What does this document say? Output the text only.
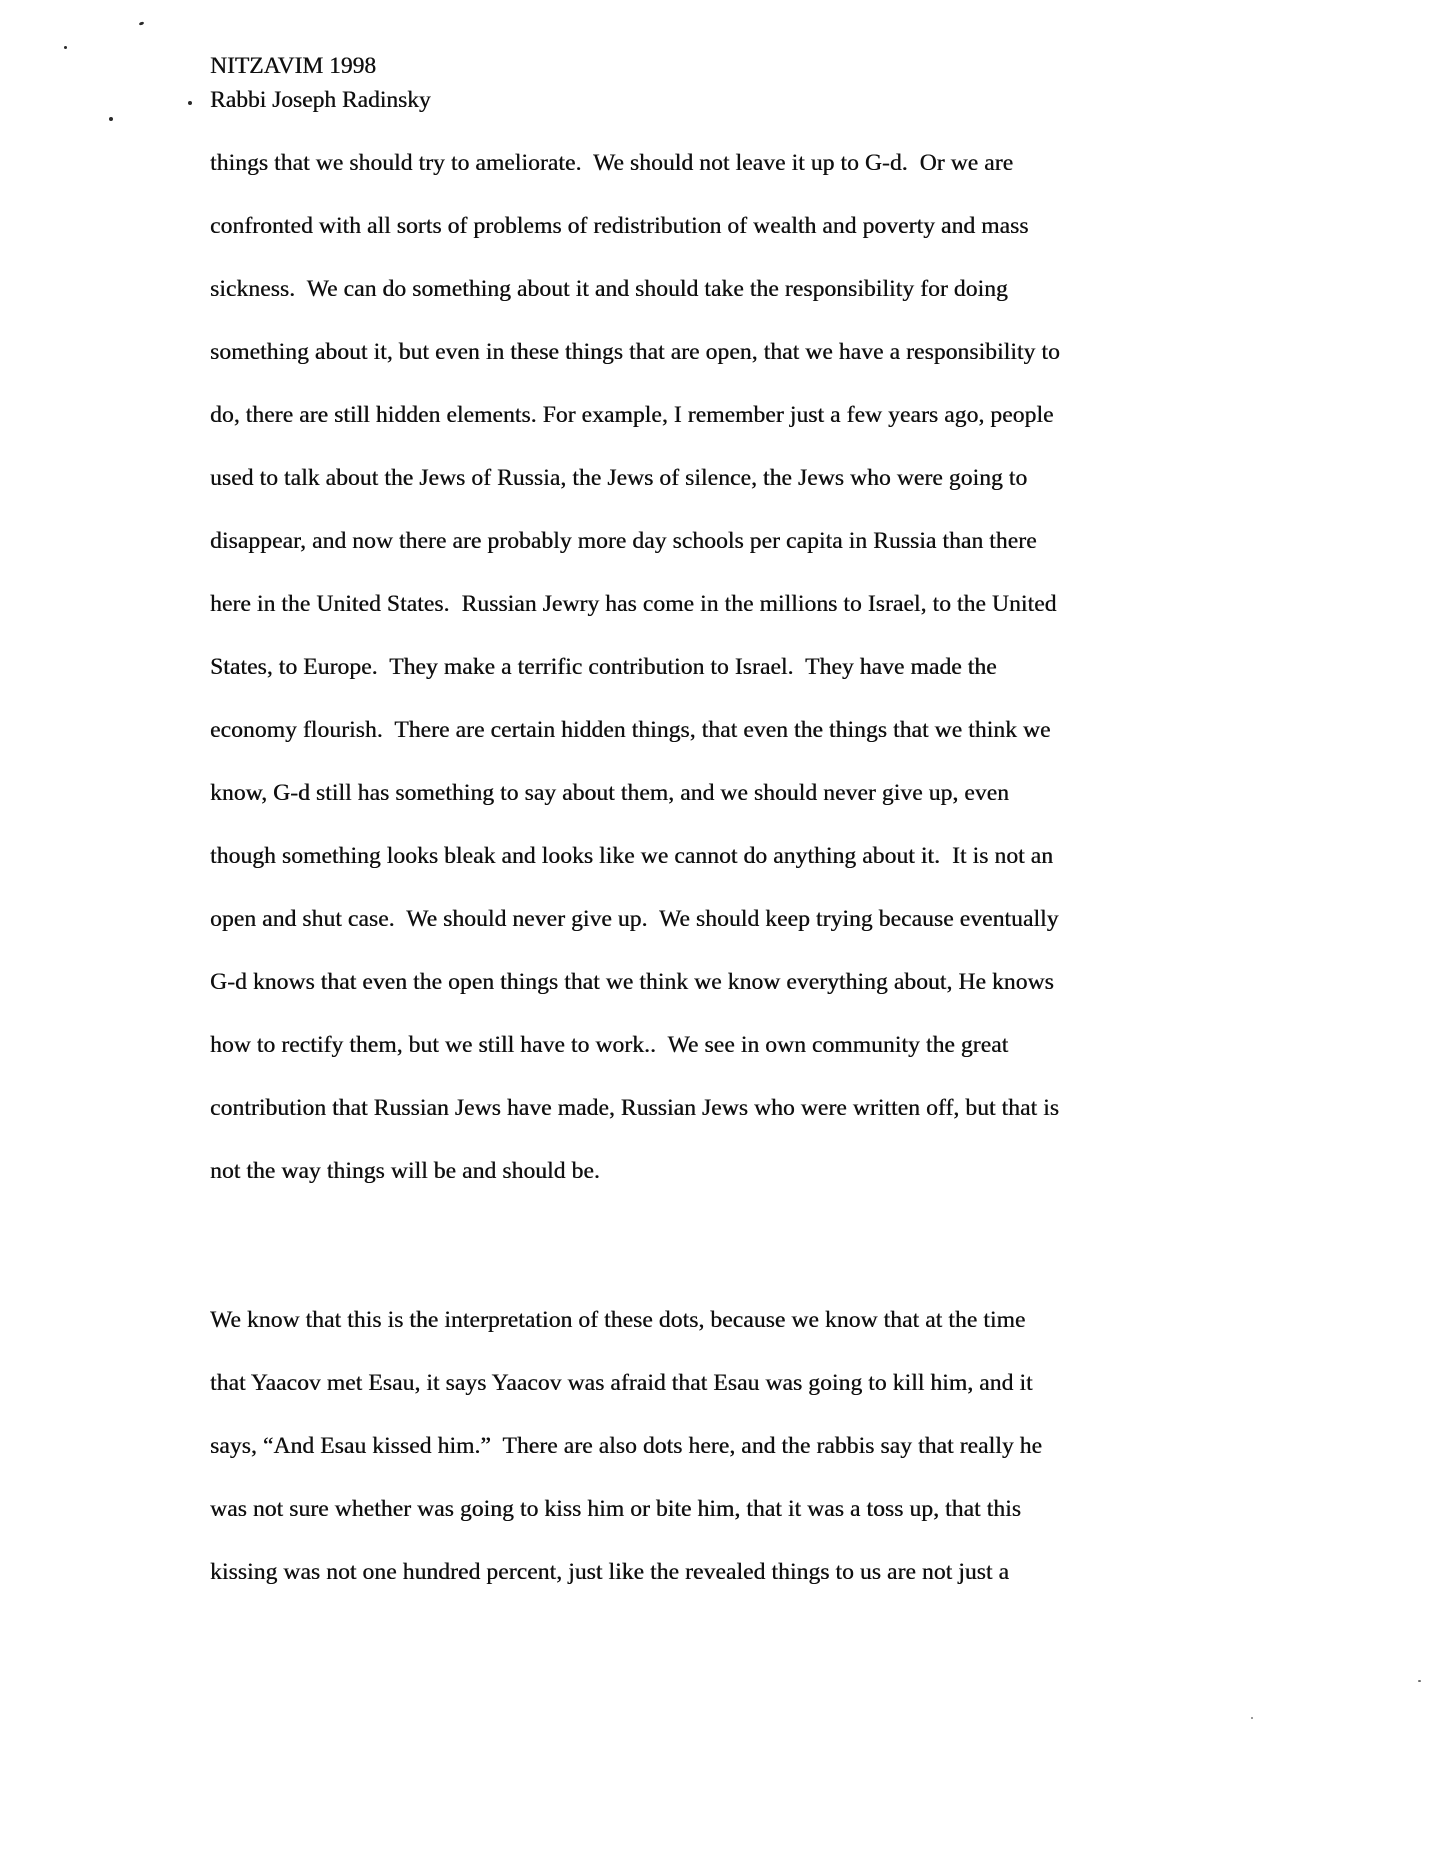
NITZAVIM 1998
Rabbi Joseph Radinsky
things that we should try to ameliorate.  We should not leave it up to G-d.  Or we are
confronted with all sorts of problems of redistribution of wealth and poverty and mass
sickness.  We can do something about it and should take the responsibility for doing
something about it, but even in these things that are open, that we have a responsibility to
do, there are still hidden elements. For example, I remember just a few years ago, people
used to talk about the Jews of Russia, the Jews of silence, the Jews who were going to
disappear, and now there are probably more day schools per capita in Russia than there
here in the United States.  Russian Jewry has come in the millions to Israel, to the United
States, to Europe.  They make a terrific contribution to Israel.  They have made the
economy flourish.  There are certain hidden things, that even the things that we think we
know, G-d still has something to say about them, and we should never give up, even
though something looks bleak and looks like we cannot do anything about it.  It is not an
open and shut case.  We should never give up.  We should keep trying because eventually
G-d knows that even the open things that we think we know everything about, He knows
how to rectify them, but we still have to work..  We see in own community the great
contribution that Russian Jews have made, Russian Jews who were written off, but that is
not the way things will be and should be.
We know that this is the interpretation of these dots, because we know that at the time
that Yaacov met Esau, it says Yaacov was afraid that Esau was going to kill him, and it
says, “And Esau kissed him.”  There are also dots here, and the rabbis say that really he
was not sure whether was going to kiss him or bite him, that it was a toss up, that this
kissing was not one hundred percent, just like the revealed things to us are not just a
